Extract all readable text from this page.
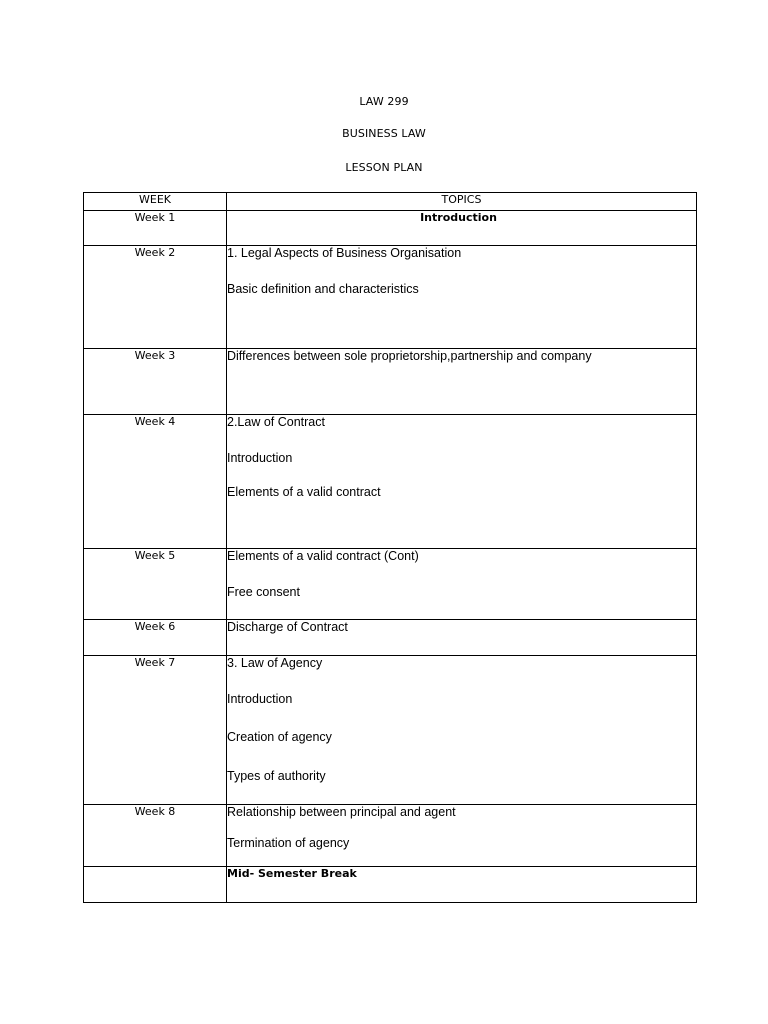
LAW 299
BUSINESS LAW
LESSON PLAN
WEEK	TOPICS
Week 1	Introduction

Week 2	1. Legal Aspects of Business Organisation
Basic definition and characteristics

Week 3	Differences between sole proprietorship,partnership and company

Week 4	2.Law of Contract
Introduction
Elements of a valid contract

Week 5	Elements of a valid contract (Cont)
Free consent

Week 6	Discharge of Contract

Week 7	3. Law of Agency
Introduction
Creation of agency
Types of authority

Week 8	Relationship between principal and agent
Termination of agency

	Mid- Semester Break
